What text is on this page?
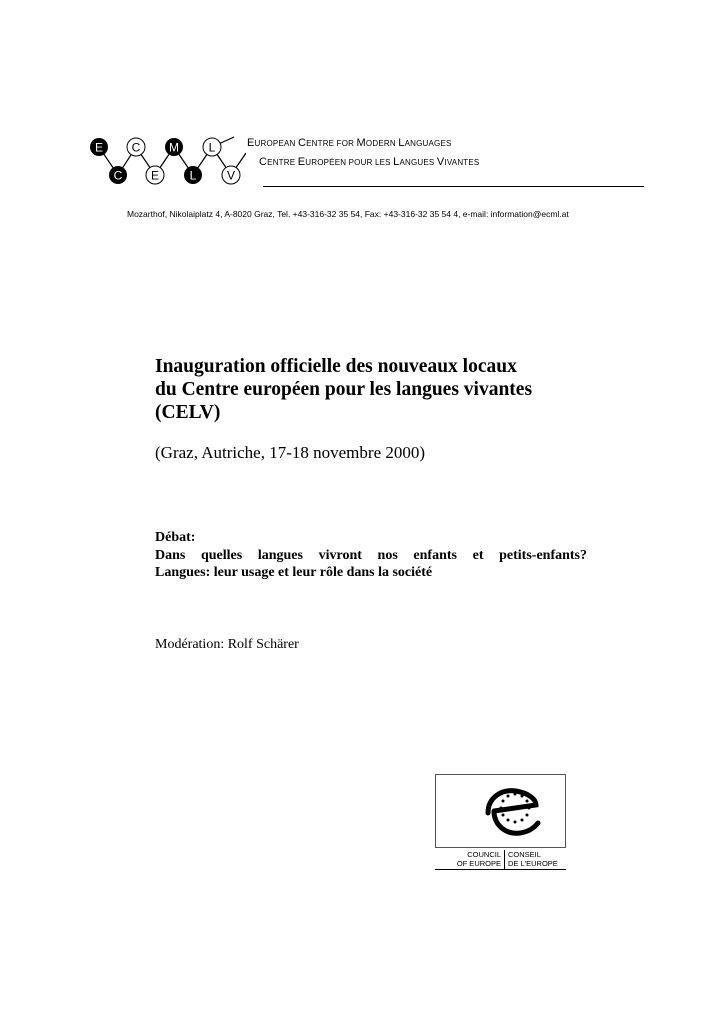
E C M L
C E	L	V
EUROPEAN CENTRE FOR MODERN LANGUAGES
CENTRE EUROPÉEN POUR LES LANGUES VIVANTES
Mozarthof, Nikolaiplatz 4, A-8020 Graz, Tel. +43-316-32 35 54, Fax: +43-316-32 35 54 4, e-mail: information@ecml.at
Inauguration officielle des nouveaux locaux
du Centre européen pour les langues vivantes
(CELV)
(Graz, Autriche, 17-18 novembre 2000)
Débat:
Dans quelles langues vivront nos enfants et petits-enfants?
Langues: leur usage et leur rôle dans la société
Modération: Rolf Schärer
COUNCIL
OF EUROPE
CONSEIL
DE L'EUROPE
